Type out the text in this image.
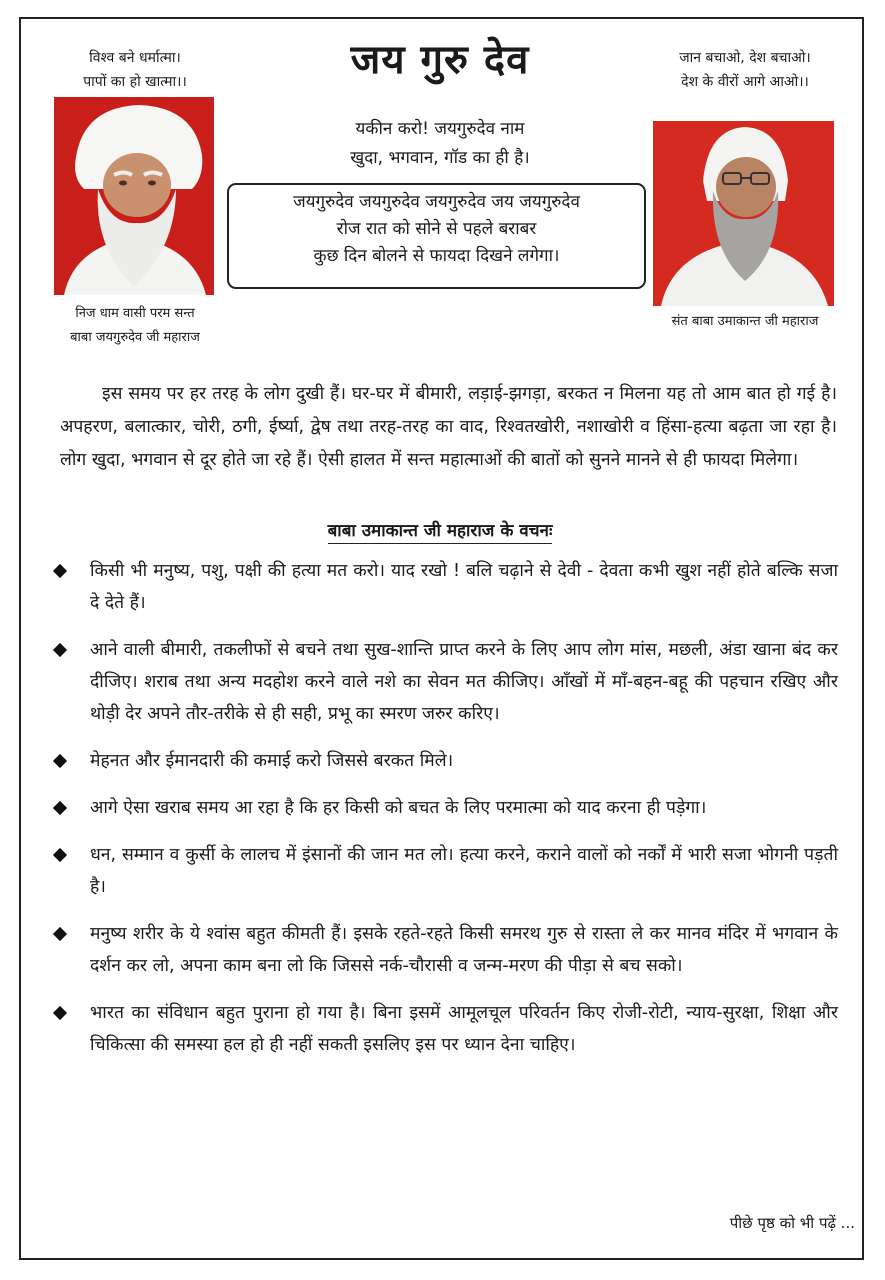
विश्व बने धर्मात्मा।
पापों का हो खात्मा।।	जय गुरु देव	जान बचाओ, देश बचाओ।
देश के वीरों आगे आओ।।
निज धाम वासी परम सन्त
बाबा जयगुरुदेव जी महाराज
यकीन करो! जयगुरुदेव नाम
खुदा, भगवान, गॉड का ही है।
जयगुरुदेव जयगुरुदेव जयगुरुदेव जय जयगुरुदेव
रोज रात को सोने से पहले बराबर
कुछ दिन बोलने से फायदा दिखने लगेगा।
संत बाबा उमाकान्त जी महाराज
इस समय पर हर तरह के लोग दुखी हैं। घर-घर में बीमारी, लड़ाई-झगड़ा, बरकत न मिलना यह तो आम बात हो गई है। अपहरण, बलात्कार, चोरी, ठगी, ईर्ष्या, द्वेष तथा तरह-तरह का वाद, रिश्वतखोरी, नशाखोरी व हिंसा-हत्या बढ़ता जा रहा है। लोग खुदा, भगवान से दूर होते जा रहे हैं। ऐसी हालत में सन्त महात्माओं की बातों को सुनने मानने से ही फायदा मिलेगा।
बाबा उमाकान्त जी महाराज के वचनः
किसी भी मनुष्य, पशु, पक्षी की हत्या मत करो। याद रखो ! बलि चढ़ाने से देवी - देवता कभी खुश नहीं होते बल्कि सजा दे देते हैं।
आने वाली बीमारी, तकलीफों से बचने तथा सुख-शान्ति प्राप्त करने के लिए आप लोग मांस, मछली, अंडा खाना बंद कर दीजिए। शराब तथा अन्य मदहोश करने वाले नशे का सेवन मत कीजिए। आँखों में माँ-बहन-बहू की पहचान रखिए और थोड़ी देर अपने तौर-तरीके से ही सही, प्रभू का स्मरण जरुर करिए।
मेहनत और ईमानदारी की कमाई करो जिससे बरकत मिले।
आगे ऐसा खराब समय आ रहा है कि हर किसी को बचत के लिए परमात्मा को याद करना ही पड़ेगा।
धन, सम्मान व कुर्सी के लालच में इंसानों की जान मत लो। हत्या करने, कराने वालों को नर्कों में भारी सजा भोगनी पड़ती है।
मनुष्य शरीर के ये श्वांस बहुत कीमती हैं। इसके रहते-रहते किसी समरथ गुरु से रास्ता ले कर मानव मंदिर में भगवान के दर्शन कर लो, अपना काम बना लो कि जिससे नर्क-चौरासी व जन्म-मरण की पीड़ा से बच सको।
भारत का संविधान बहुत पुराना हो गया है। बिना इसमें आमूलचूल परिवर्तन किए रोजी-रोटी, न्याय-सुरक्षा, शिक्षा और चिकित्सा की समस्या हल हो ही नहीं सकती इसलिए इस पर ध्यान देना चाहिए।
पीछे पृष्ठ को भी पढ़ें ...
